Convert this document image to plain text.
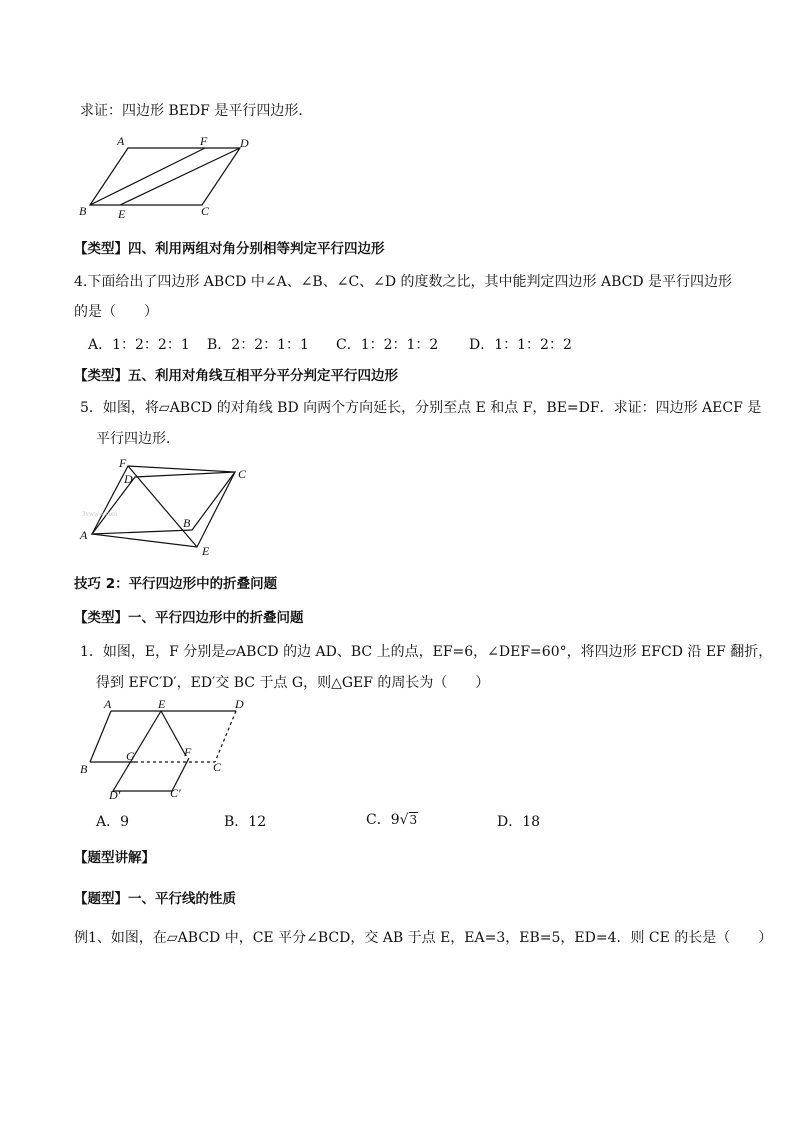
求证：四边形 BEDF 是平行四边形．
A	F	D
B	E	C
【类型】四、利用两组对角分别相等判定平行四边形
4.下面给出了四边形 ABCD 中∠A、∠B、∠C、∠D 的度数之比，其中能判定四边形 ABCD 是平行四边形
的是（　　）
A．1：2：2：1 B．2：2：1：1 C．1：2：1：2 D．1：1：2：2
【类型】五、利用对角线互相平分平分判定平行四边形
5．如图，将▱ABCD 的对角线 BD 向两个方向延长，分别至点 E 和点 F，BE=DF．求证：四边形 AECF 是
平行四边形．
F
D	C
A
B
E
3ywww.com
技巧 2：平行四边形中的折叠问题
【类型】一、平行四边形中的折叠问题
1．如图，E，F 分别是▱ABCD 的边 AD、BC 上的点，EF=6，∠DEF=60°，将四边形 EFCD 沿 EF 翻折，
得到 EFC′D′，ED′交 BC 于点 G，则△GEF 的周长为（　　）
A	E	D
G	F
B	C
D′	C′
A．9	B．12	C．9√3	D．18
【题型讲解】
【题型】一、平行线的性质
例1、如图，在▱ABCD 中，CE 平分∠BCD，交 AB 于点 E，EA=3，EB=5，ED=4．则 CE 的长是（　　）
